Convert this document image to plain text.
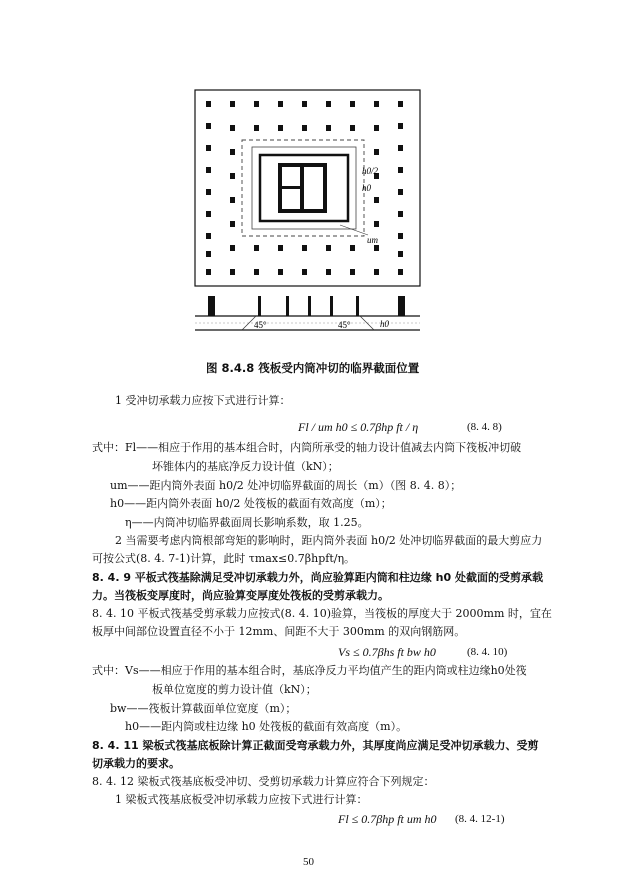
h0/2
h0
um
45°	45°	h0
图 8.4.8 筏板受内筒冲切的临界截面位置
1 受冲切承载力应按下式进行计算：
Fl / um h0 ≤ 0.7βhp ft / η	(8. 4. 8)
式中：Fl——相应于作用的基本组合时，内筒所承受的轴力设计值减去内筒下筏板冲切破
坏锥体内的基底净反力设计值（kN）；
um——距内筒外表面 h0/2 处冲切临界截面的周长（m）（图 8. 4. 8）；
h0——距内筒外表面 h0/2 处筏板的截面有效高度（m）；
η——内筒冲切临界截面周长影响系数，取 1.25。
2 当需要考虑内筒根部弯矩的影响时，距内筒外表面 h0/2 处冲切临界截面的最大剪应力
可按公式(8. 4. 7-1)计算，此时 τmax≤0.7βhpft/η。
8. 4. 9 平板式筏基除满足受冲切承载力外，尚应验算距内筒和柱边缘 h0 处截面的受剪承载
力。当筏板变厚度时，尚应验算变厚度处筏板的受剪承载力。
8. 4. 10 平板式筏基受剪承载力应按式(8. 4. 10)验算，当筏板的厚度大于 2000mm 时，宜在
板厚中间部位设置直径不小于 12mm、间距不大于 300mm 的双向钢筋网。
Vs ≤ 0.7βhs ft bw h0	(8. 4. 10)
式中：Vs——相应于作用的基本组合时，基底净反力平均值产生的距内筒或柱边缘h0处筏
板单位宽度的剪力设计值（kN）；
bw——筏板计算截面单位宽度（m）；
h0——距内筒或柱边缘 h0 处筏板的截面有效高度（m）。
8. 4. 11 梁板式筏基底板除计算正截面受弯承载力外，其厚度尚应满足受冲切承载力、受剪
切承载力的要求。
8. 4. 12 梁板式筏基底板受冲切、受剪切承载力计算应符合下列规定：
1 梁板式筏基底板受冲切承载力应按下式进行计算：
Fl ≤ 0.7βhp ft um h0 (8. 4. 12-1)
50
